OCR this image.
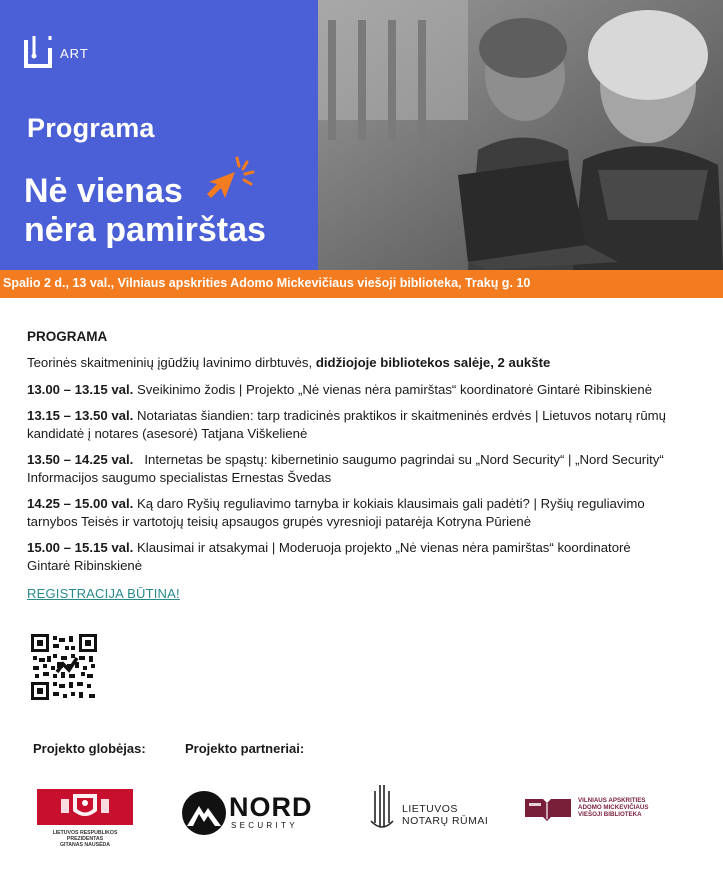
ART
Programa
Nė vienas
nėra pamirštas
Spalio 2 d., 13 val., Vilniaus apskrities Adomo Mickevičiaus viešoji biblioteka, Trakų g. 10
PROGRAMA
Teorinės skaitmeninių įgūdžių lavinimo dirbtuvės, didžiojoje bibliotekos salėje, 2 aukšte
13.00 – 13.15 val. Sveikinimo žodis | Projekto „Nė vienas nėra pamirštas“ koordinatorė Gintarė Ribinskienė
13.15 – 13.50 val. Notariatas šiandien: tarp tradicinės praktikos ir skaitmeninės erdvės | Lietuvos notarų rūmų kandidatė į notares (asesorė) Tatjana Viškelienė
13.50 – 14.25 val.   Internetas be spąstų: kibernetinio saugumo pagrindai su „Nord Security“ | „Nord Security“ Informacijos saugumo specialistas Ernestas Švedas
14.25 – 15.00 val. Ką daro Ryšių reguliavimo tarnyba ir kokiais klausimais gali padėti? | Ryšių reguliavimo tarnybos Teisės ir vartotojų teisių apsaugos grupės vyresnioji patarėja Kotryna Pūrienė
15.00 – 15.15 val. Klausimai ir atsakymai | Moderuoja projekto „Nė vienas nėra pamirštas“ koordinatorė Gintarė Ribinskienė
REGISTRACIJA BŪTINA!
Projekto globėjas:	Projekto partneriai:
LIETUVOS RESPUBLIKOS PREZIDENTAS
GITANAS NAUSĖDA
NORD
SECURITY
LIETUVOS
NOTARŲ RŪMAI
VILNIAUS APSKRITIES
ADOMO MICKEVIČIAUS
VIEŠOJI BIBLIOTEKA
